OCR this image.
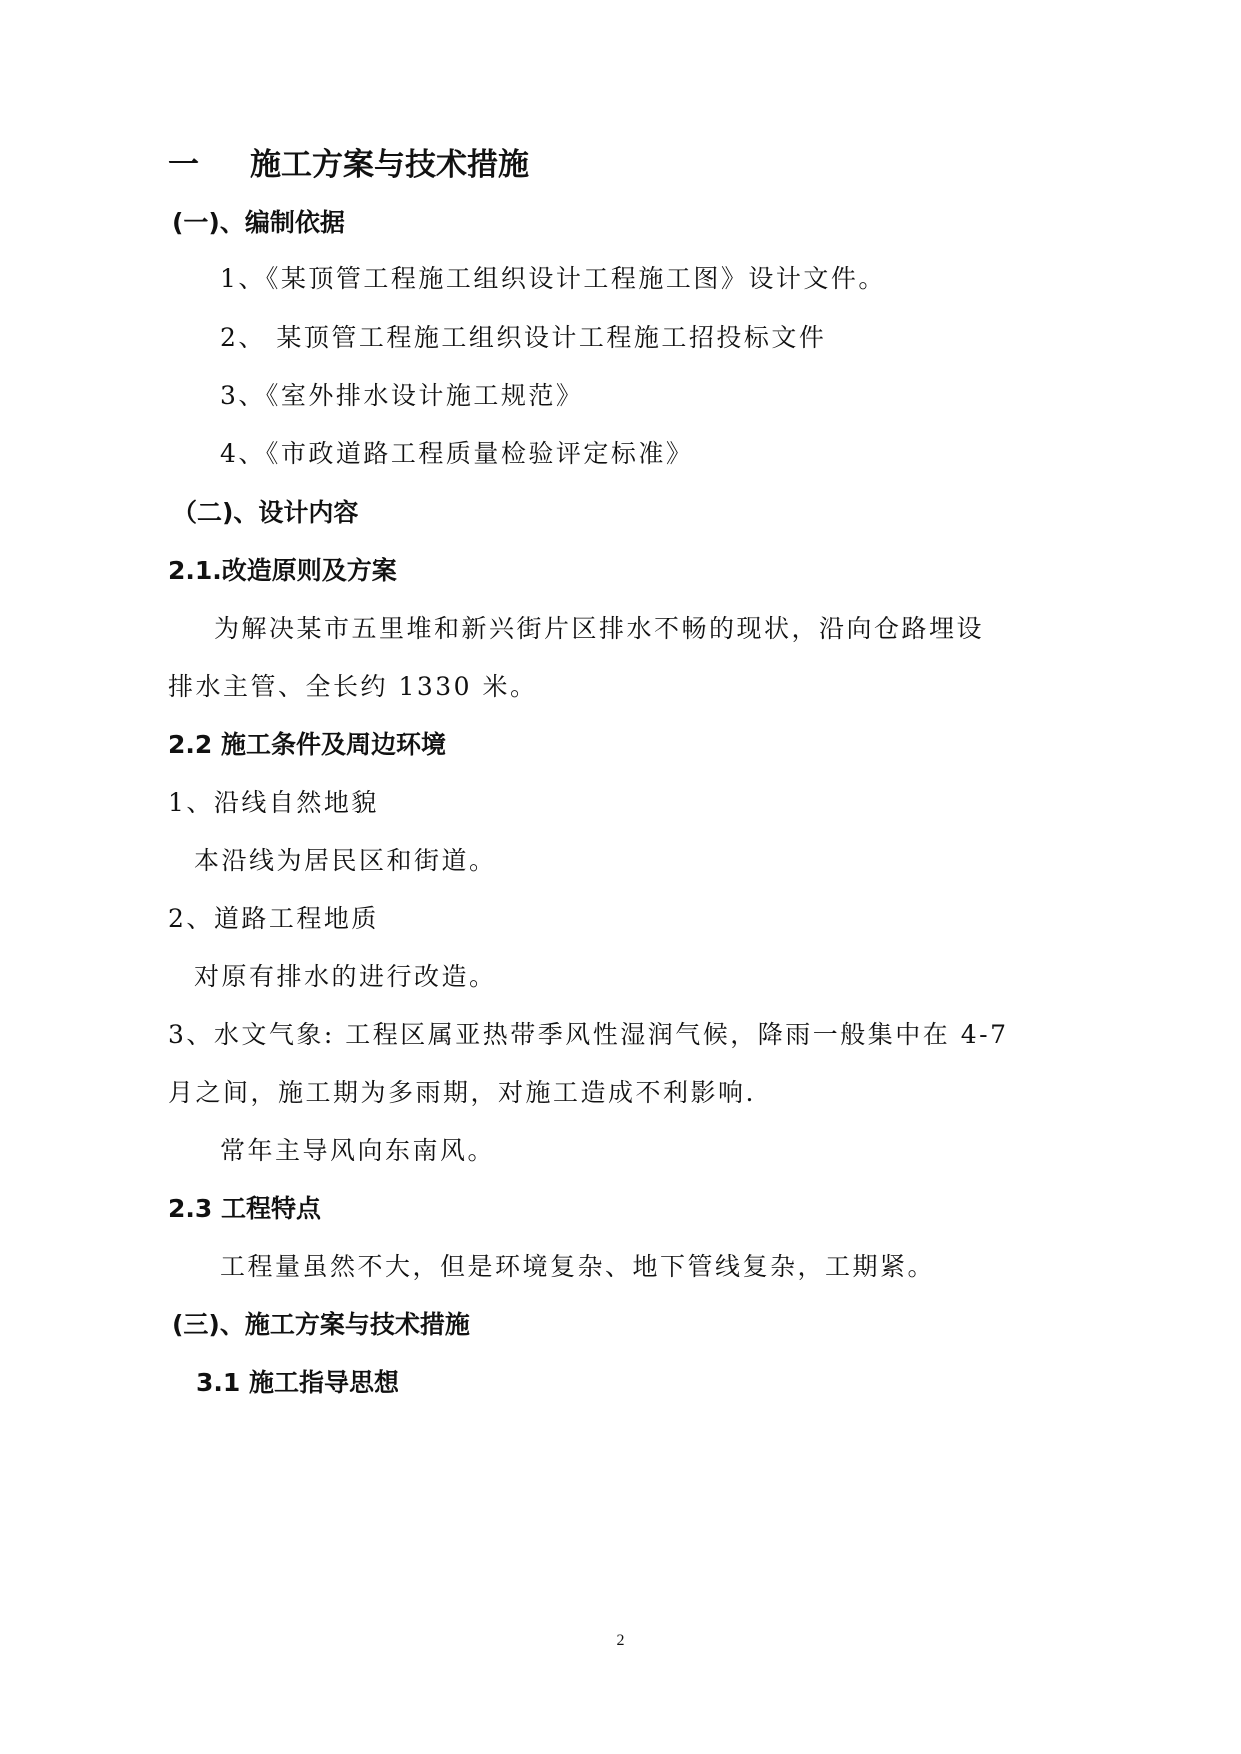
一 施工方案与技术措施
(一)、编制依据
1、《某顶管工程施工组织设计工程施工图》设计文件。
2、 某顶管工程施工组织设计工程施工招投标文件
3、《室外排水设计施工规范》
4、《市政道路工程质量检验评定标准》
（二)、设计内容
2.1.改造原则及方案
为解决某市五里堆和新兴街片区排水不畅的现状，沿向仓路埋设
排水主管、全长约 1330 米。
2.2 施工条件及周边环境
1、沿线自然地貌
本沿线为居民区和街道。
2、道路工程地质
对原有排水的进行改造。
3、水文气象: 工程区属亚热带季风性湿润气候，降雨一般集中在 4-7
月之间，施工期为多雨期，对施工造成不利影响.
常年主导风向东南风。
2.3 工程特点
工程量虽然不大，但是环境复杂、地下管线复杂，工期紧。
(三)、施工方案与技术措施
3.1 施工指导思想
2
